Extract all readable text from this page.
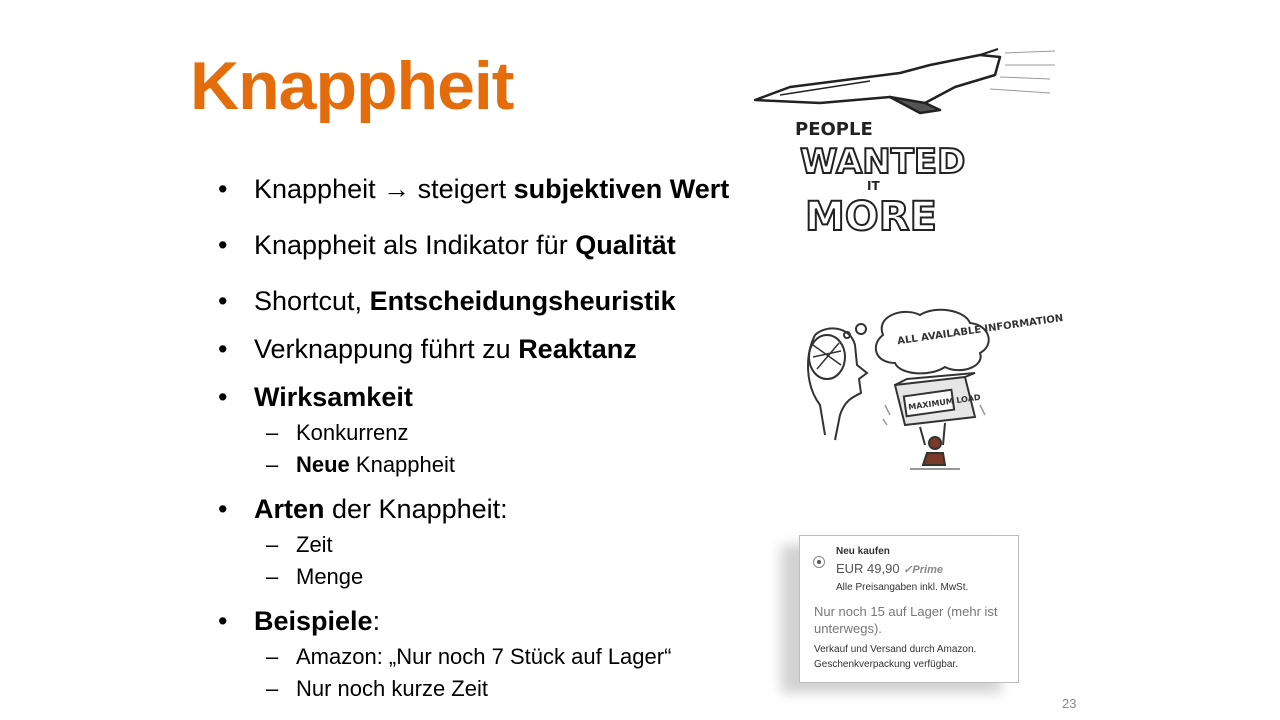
Knappheit
• Knappheit → steigert subjektiven Wert
• Knappheit als Indikator für Qualität
• Shortcut, Entscheidungsheuristik
• Verknappung führt zu Reaktanz
• Wirksamkeit
– Konkurrenz
– Neue Knappheit
• Arten der Knappheit:
– Zeit
– Menge
• Beispiele:
– Amazon: „Nur noch 7 Stück auf Lager“
– Nur noch kurze Zeit
PEOPLE
WANTED
IT
MORE
ALL AVAILABLE INFORMATION
MAXIMUM LOAD
Neu kaufen
EUR 49,90 ✓Prime
Alle Preisangaben inkl. MwSt.
Nur noch 15 auf Lager (mehr ist unterwegs).
Verkauf und Versand durch Amazon.
Geschenkverpackung verfügbar.
23
